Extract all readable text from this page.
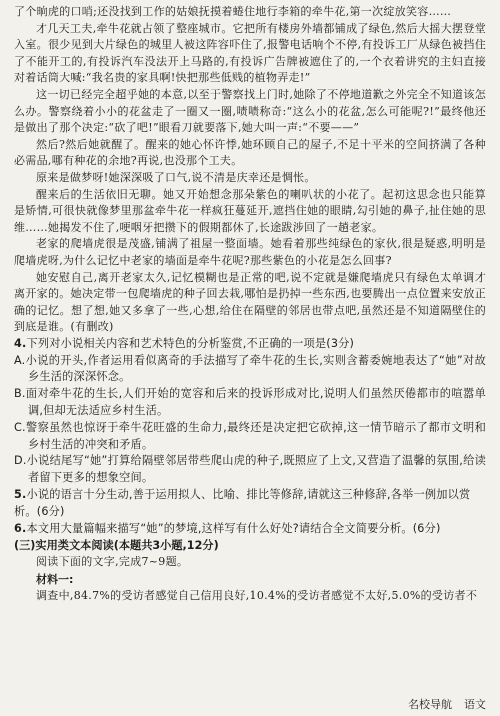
了个晌虎的口哨;还没找到工作的姑娘抚摸着蜷住地行李箱的牵牛花,第一次绽放笑容……

才几天工夫,牵牛花就占领了整座城市。它把所有楼房外墙都铺成了绿色,然后大摇大摆登堂入室。很少见到大片绿色的城里人被这阵容吓住了,报警电话响个不停,有投诉工厂从绿色被挡住了不能开工的,有投诉汽车没法开上马路的,有投诉广告牌被遮住了的,一个衣着讲究的主妇直接对着话筒大喊:“我名贵的家具啊!快把那些低贱的植物弄走!”

这一切已经完全超乎她的本意,以至于警察找上门时,她除了不停地道歉之外完全不知道该怎么办。警察绕着小小的花盆走了一圈又一圈,啧啧称奇:“这么小的花盆,怎么可能呢?!”最终他还是做出了那个决定:“砍了吧!”眼看刀就要落下,她大叫一声:“不要——”

然后?然后她就醒了。醒来的她心怀许悸,她环顾自己的屋子,不足十平米的空间挤满了各种必需品,哪有种花的余地?再说,也没那个工夫。

原来是做梦呀!她深深吸了口气,说不清是庆幸还是惆怅。

醒来后的生活依旧无聊。她又开始想念那朵紫色的喇叭状的小花了。起初这思念也只能算是矫情,可很快就像梦里那盆牵牛花一样疯狂蔓延开,遮挡住她的眼睛,勾引她的鼻子,扯住她的思维……她揭发不住了,哽咽牙把攒下的假期都休了,长途跋涉回了一趟老家。

老家的爬墙虎很是茂盛,铺满了祖屋一整面墙。她看着那些纯绿色的家伙,很是疑惑,明明是爬墙虎呀,为什么记忆中老家的墙面是牵牛花呢?那些紫色的小花是怎么回事?

她安慰自己,离开老家太久,记忆模糊也是正常的吧,说不定就是嫌爬墙虎只有绿色太单调才离开家的。她决定带一包爬墙虎的种子回去栽,哪怕是扔掉一些东西,也要腾出一点位置来安放正确的记忆。想了想,她又多拿了一些,心想,给住在隔壁的邻居也带点吧,虽然还是不知道隔壁住的到底是谁。(有删改)

4.下列对小说相关内容和艺术特色的分析鉴赏,不正确的一项是(3分)

A.小说的开头,作者运用看似离奇的手法描写了牵牛花的生长,实则含蓄委婉地表达了“她”对故乡生活的深深怀念。

B.面对牵牛花的生长,人们开始的宽容和后来的投诉形成对比,说明人们虽然厌倦都市的喧嚣单调,但却无法适应乡村生活。

C.警察虽然也惊讶于牵牛花旺盛的生命力,最终还是决定把它砍掉,这一情节暗示了都市文明和乡村生活的冲突和矛盾。

D.小说结尾写“她”打算给隔壁邻居带些爬山虎的种子,既照应了上文,又营造了温馨的氛围,给读者留下更多的想象空间。

5.小说的语言十分生动,善于运用拟人、比喻、排比等修辞,请就这三种修辞,各举一例加以赏析。(6分)

6.本文用大量篇幅来描写“她”的梦境,这样写有什么好处?请结合全文简要分析。(6分)

(三)实用类文本阅读(本题共3小题,12分)

阅读下面的文字,完成7~9题。

材料一:

调查中,84.7%的受访者感觉自己信用良好,10.4%的受访者感觉不太好,5.0%的受访者不

名校导航 语文
